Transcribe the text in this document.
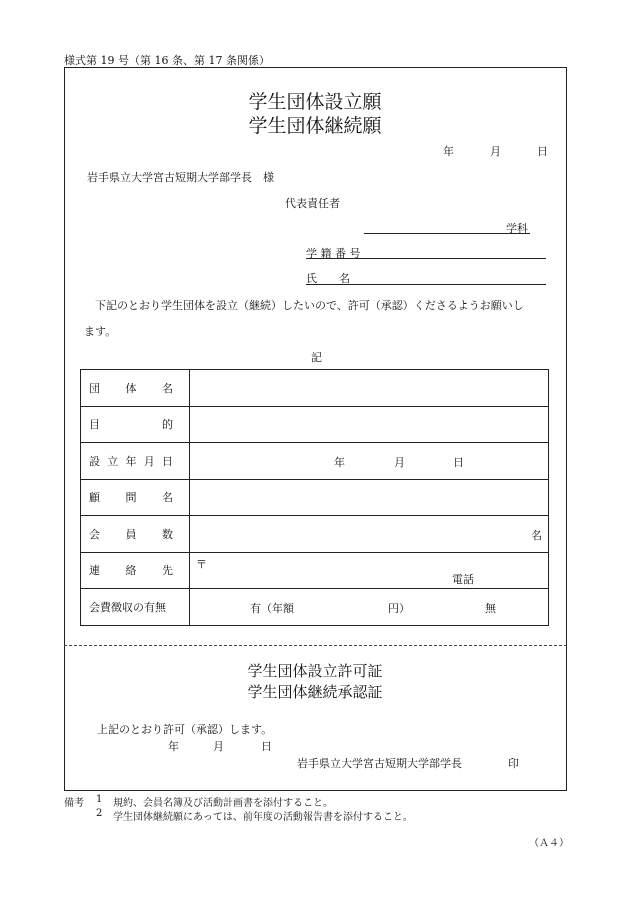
様式第 19 号（第 16 条、第 17 条関係）
学生団体設立願
学生団体継続願
年	月	日
岩手県立大学宮古短期大学部学長　様
代表責任者
学科
学 籍 番 号
氏　　名
下記のとおり学生団体を設立（継続）したいので、許可（承認）くださるようお願いし
ます。
記
団 体 名	

目 的	

設 立 年 月 日	年 月 日

顧 問 名	

会 員 数	名

連 絡 先	〒
電話

会費徴収の有無	有（年額 円） 無
学生団体設立許可証
学生団体継続承認証
上記のとおり許可（承認）します。
年	月	日
岩手県立大学宮古短期大学部学長	印
備考 1 規約、会員名簿及び活動計画書を添付すること。
2 学生団体継続願にあっては、前年度の活動報告書を添付すること。
（Ａ４）
